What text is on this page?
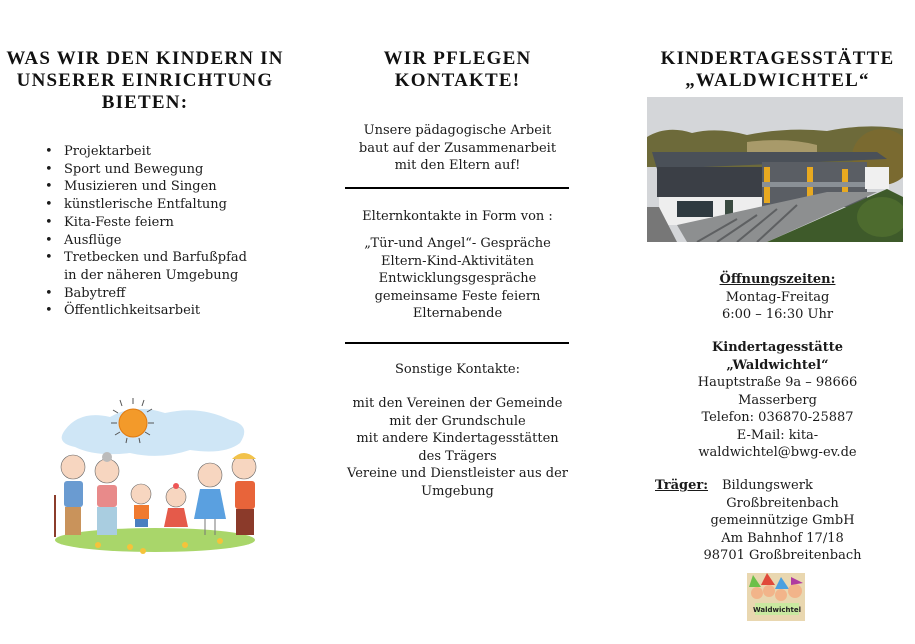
WAS WIR DEN KINDERN IN
UNSERER EINRICHTUNG
BIETEN:
• Projektarbeit
• Sport und Bewegung
• Musizieren und Singen
• künstlerische Entfaltung
• Kita-Feste feiern
• Ausflüge
• Tretbecken und Barfußpfad
in der näheren Umgebung
• Babytreff
• Öffentlichkeitsarbeit
WIR PFLEGEN
KONTAKTE!
Unsere pädagogische Arbeit
baut auf der Zusammenarbeit
mit den Eltern auf!
Elternkontakte in Form von :
„Tür-und Angel“- Gespräche
Eltern-Kind-Aktivitäten
Entwicklungsgespräche
gemeinsame Feste feiern
Elternabende
Sonstige Kontakte:
mit den Vereinen der Gemeinde
mit der Grundschule
mit andere Kindertagesstätten
des Trägers
Vereine und Dienstleister aus der
Umgebung
KINDERTAGESSTÄTTE
„WALDWICHTEL“
Öffnungszeiten:
Montag-Freitag
6:00 – 16:30 Uhr
Kindertagesstätte
„Waldwichtel“
Hauptstraße 9a – 98666
Masserberg
Telefon: 036870-25887
E-Mail: kita-
waldwichtel@bwg-ev.de
Träger: Bildungswerk
Großbreitenbach
gemeinnützige GmbH
Am Bahnhof 17/18
98701 Großbreitenbach
Waldwichtel
